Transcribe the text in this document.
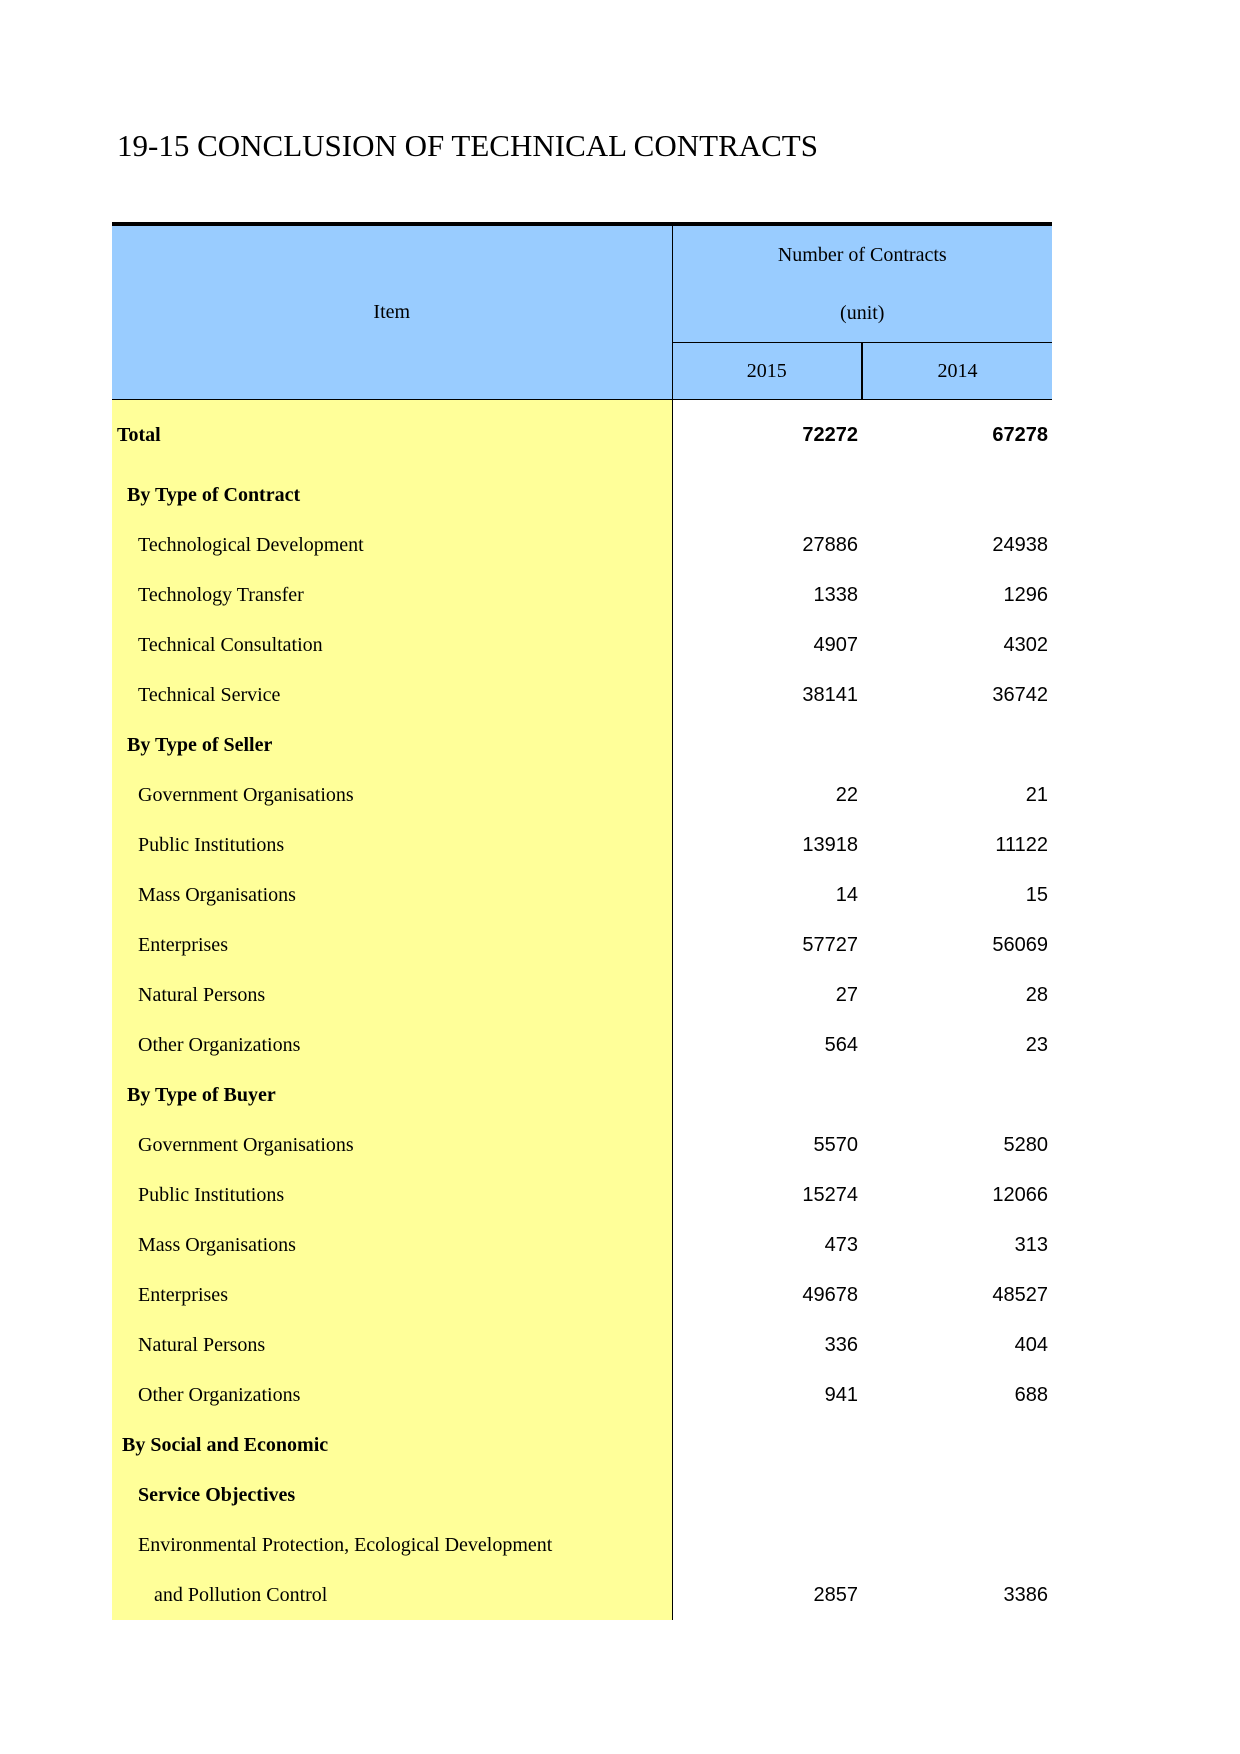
19-15 CONCLUSION OF TECHNICAL CONTRACTS
Item	Number of Contracts
(unit)	

	2015	2014
Total	72272	67278
By Type of Contract		
Technological Development	27886	24938
Technology Transfer	1338	1296
Technical Consultation	4907	4302
Technical Service	38141	36742
By Type of Seller		
Government Organisations	22	21
Public Institutions	13918	11122
Mass Organisations	14	15
Enterprises	57727	56069
Natural Persons	27	28
Other Organizations	564	23
By Type of Buyer		
Government Organisations	5570	5280
Public Institutions	15274	12066
Mass Organisations	473	313
Enterprises	49678	48527
Natural Persons	336	404
Other Organizations	941	688
By Social and Economic		
Service Objectives		
Environmental Protection, Ecological Development		
and Pollution Control	2857	3386
